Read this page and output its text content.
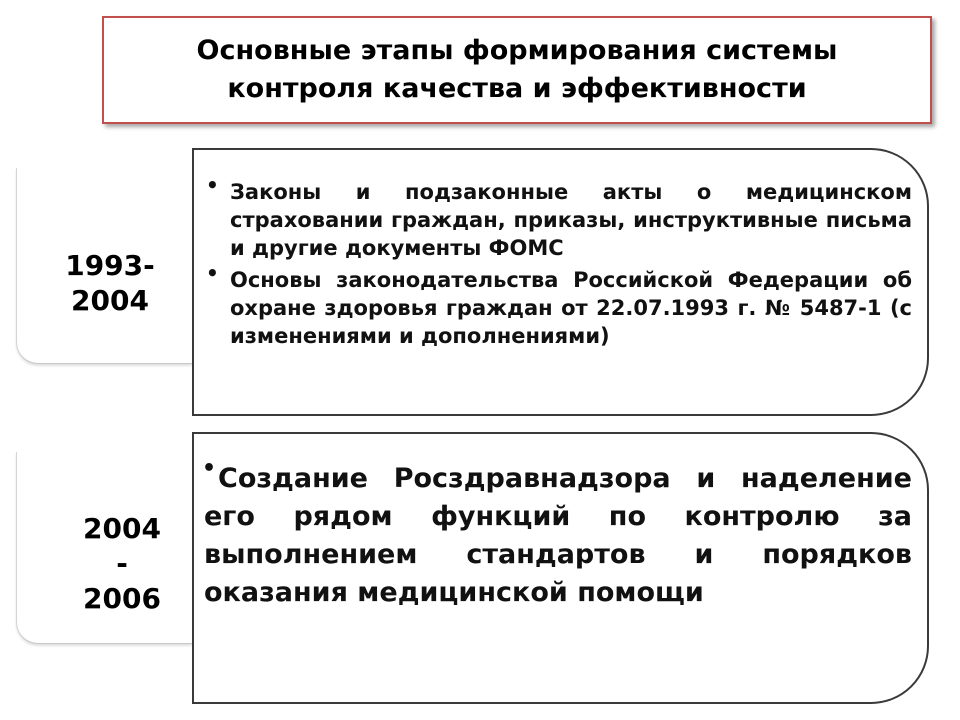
Основные этапы формирования системы
контроля качества и эффективности

• Законы и подзаконные акты о медицинском страховании граждан, приказы, инструктивные письма и другие документы ФОМС
• Основы законодательства Российской Федерации об охране здоровья граждан от 22.07.1993 г. № 5487-1 (с изменениями и дополнениями)
1993-
2004
• Создание Росздравнадзора и наделение его рядом функций по контролю за выполнением стандартов и порядков оказания медицинской помощи
2004
-
2006
